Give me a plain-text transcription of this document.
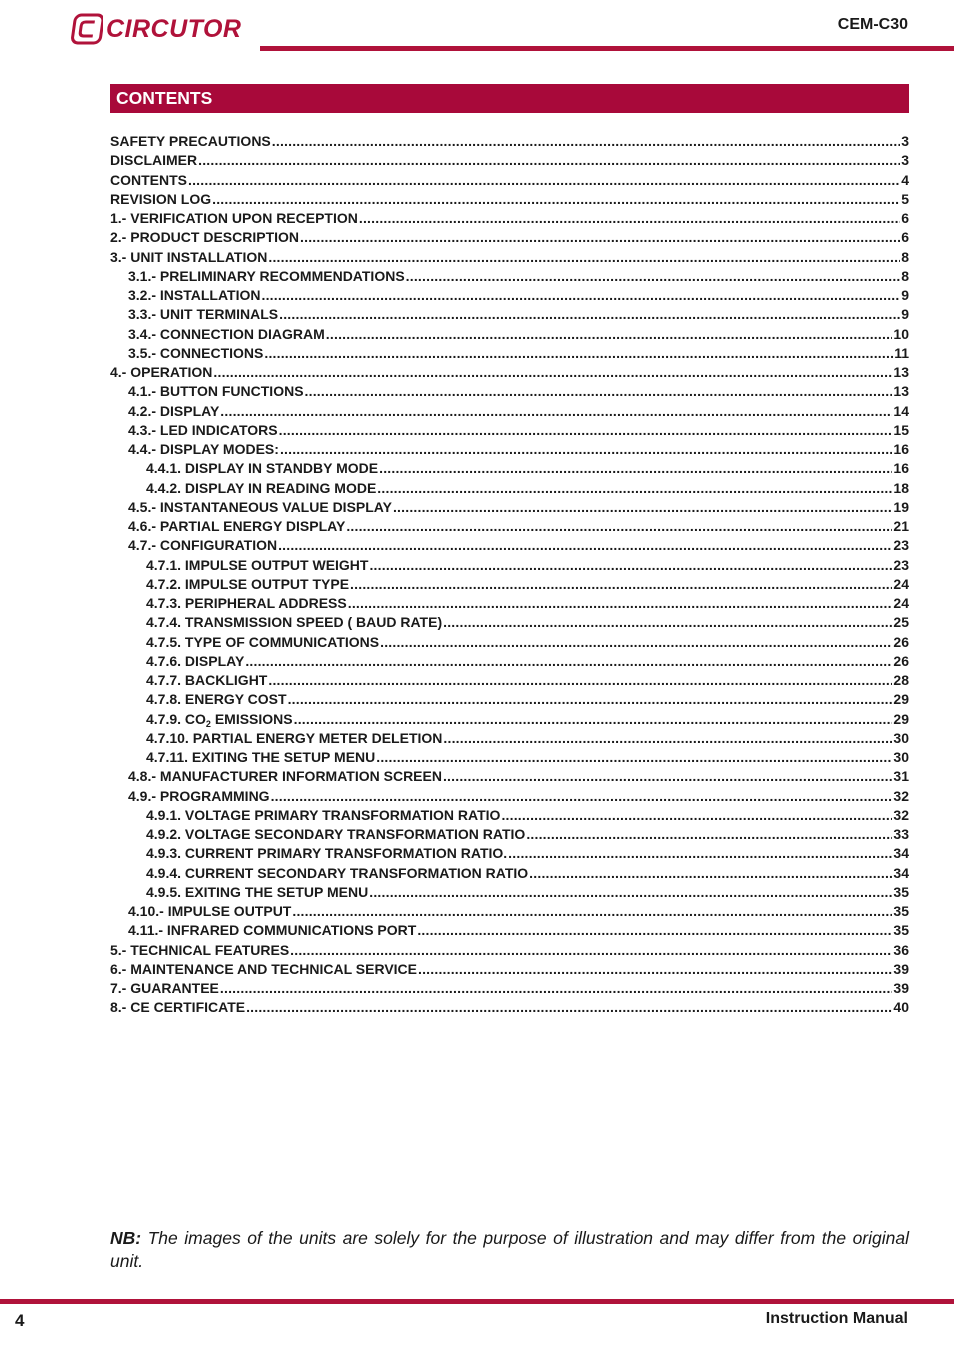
CIRCUTOR	CEM-C30
CONTENTS
SAFETY PRECAUTIONS .....	3
DISCLAIMER .....	3
CONTENTS .....	4
REVISION LOG .....	5
1.- VERIFICATION UPON RECEPTION .....	6
2.- PRODUCT DESCRIPTION .....	6
3.- UNIT INSTALLATION .....	8
3.1.- PRELIMINARY RECOMMENDATIONS .....	8
3.2.- INSTALLATION .....	9
3.3.- UNIT TERMINALS .....	9
3.4.- CONNECTION DIAGRAM .....	10
3.5.- CONNECTIONS .....	11
4.- OPERATION .....	13
4.1.- BUTTON FUNCTIONS .....	13
4.2.- DISPLAY .....	14
4.3.- LED INDICATORS .....	15
4.4.- DISPLAY MODES: .....	16
4.4.1. DISPLAY IN STANDBY MODE .....	16
4.4.2. DISPLAY IN READING MODE .....	18
4.5.- INSTANTANEOUS VALUE DISPLAY .....	19
4.6.- PARTIAL ENERGY DISPLAY .....	21
4.7.- CONFIGURATION .....	23
4.7.1. IMPULSE OUTPUT WEIGHT .....	23
4.7.2. IMPULSE OUTPUT TYPE .....	24
4.7.3. PERIPHERAL ADDRESS .....	24
4.7.4. TRANSMISSION SPEED ( BAUD RATE) .....	25
4.7.5. TYPE OF COMMUNICATIONS .....	26
4.7.6. DISPLAY .....	26
4.7.7. BACKLIGHT .....	28
4.7.8. ENERGY COST .....	29
4.7.9. $CO_2$ EMISSIONS .....	29
4.7.10. PARTIAL ENERGY METER DELETION .....	30
4.7.11. EXITING THE SETUP MENU .....	30
4.8.- MANUFACTURER INFORMATION SCREEN .....	31
4.9.- PROGRAMMING .....	32
4.9.1. VOLTAGE PRIMARY TRANSFORMATION RATIO .....	32
4.9.2. VOLTAGE SECONDARY TRANSFORMATION RATIO .....	33
4.9.3. CURRENT PRIMARY TRANSFORMATION RATIO. .....	34
4.9.4. CURRENT SECONDARY TRANSFORMATION RATIO .....	34
4.9.5. EXITING THE SETUP MENU .....	35
4.10.- IMPULSE OUTPUT .....	35
4.11.- INFRARED COMMUNICATIONS PORT .....	35
5.- TECHNICAL FEATURES .....	36
6.- MAINTENANCE AND TECHNICAL SERVICE .....	39
7.- GUARANTEE .....	39
8.- CE CERTIFICATE .....	40

NB: The images of the units are solely for the purpose of illustration and may differ from the original unit.

4	Instruction Manual
